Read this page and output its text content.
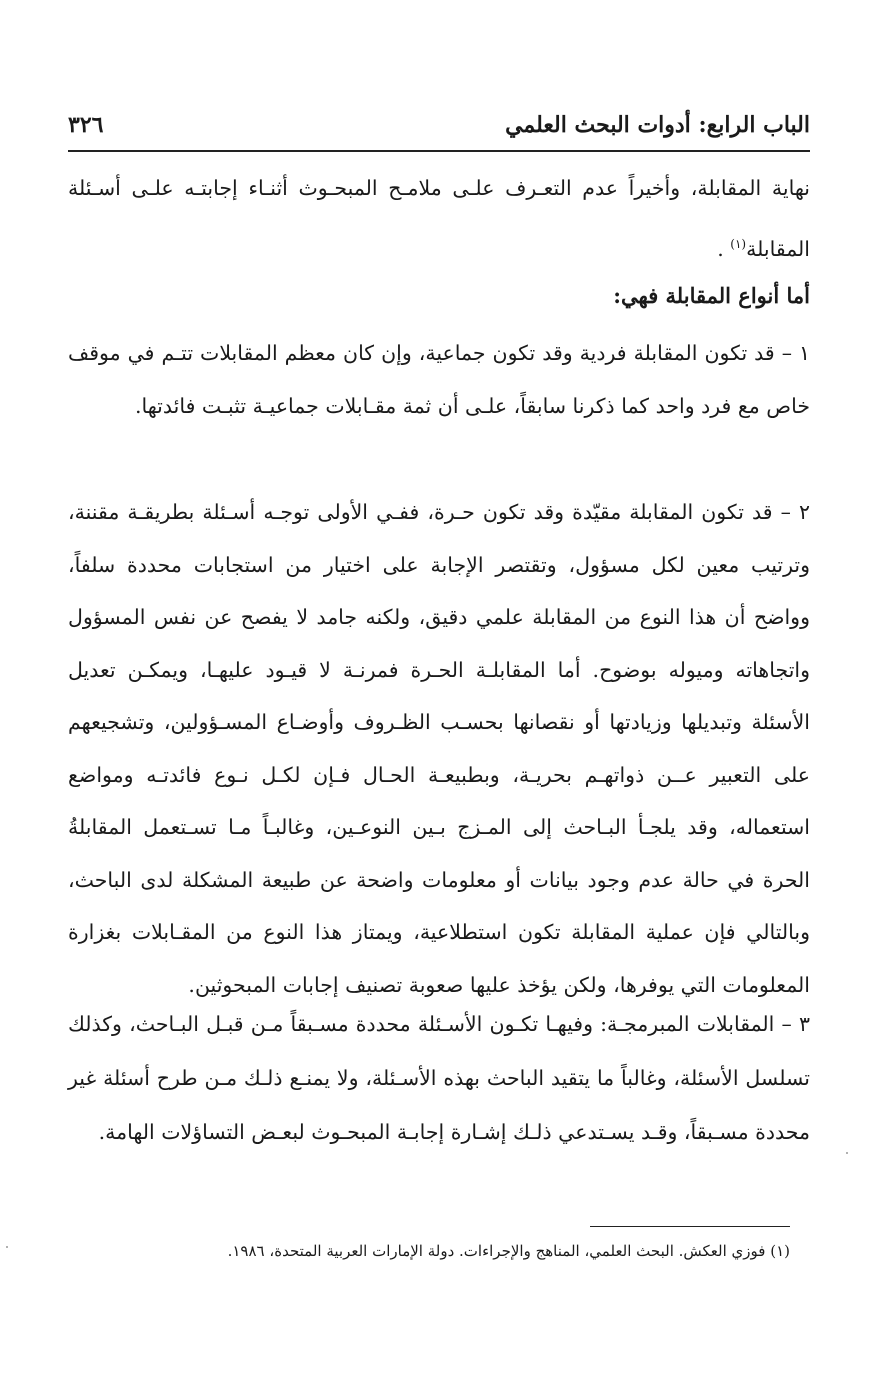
الباب الرابع: أدوات البحث العلمي
٣٢٦
نهاية المقابلة، وأخيراً عدم التعـرف علـى ملامـح المبحـوث أثنـاء إجابتـه علـى أسـئلة المقابلة$^{(١)}$ .
أما أنواع المقابلة فهي:
١ – قد تكون المقابلة فردية وقد تكون جماعية، وإن كان معظم المقابلات تتـم في موقف خاص مع فرد واحد كما ذكرنا سابقاً، علـى أن ثمة مقـابلات جماعيـة تثبـت فائدتها.
٢ – قد تكون المقابلة مقيّدة وقد تكون حـرة، ففـي الأولى توجـه أسـئلة بطريقـة مقننة، وترتيب معين لكل مسؤول، وتقتصر الإجابة على اختيار من استجابات محددة سلفاً، وواضح أن هذا النوع من المقابلة علمي دقيق، ولكنه جامد لا يفصح عن نفس المسؤول واتجاهاته وميوله بوضوح. أما المقابلـة الحـرة فمرنـة لا قيـود عليهـا، ويمكـن تعديل الأسئلة وتبديلها وزيادتها أو نقصانها بحسـب الظـروف وأوضـاع المسـؤولين، وتشجيعهم على التعبير عــن ذواتهـم بحريـة، وبطبيعـة الحـال فـإن لكـل نـوع فائدتـه ومواضع استعماله، وقد يلجـأ البـاحث إلى المـزج بـين النوعـين، وغالبـاً مـا تسـتعمل المقابلةُ الحرة في حالة عدم وجود بيانات أو معلومات واضحة عن طبيعة المشكلة لدى الباحث، وبالتالي فإن عملية المقابلة تكون استطلاعية، ويمتاز هذا النوع من المقـابلات بغزارة المعلومات التي يوفرها، ولكن يؤخذ عليها صعوبة تصنيف إجابات المبحوثين.
٣ – المقابلات المبرمجـة: وفيهـا تكـون الأسـئلة محددة مسـبقاً مـن قبـل البـاحث، وكذلك تسلسل الأسئلة، وغالباً ما يتقيد الباحث بهذه الأسـئلة، ولا يمنـع ذلـك مـن طرح أسئلة غير محددة مسـبقاً، وقـد يسـتدعي ذلـك إشـارة إجابـة المبحـوث لبعـض التساؤلات الهامة.
(١) فوزي العكش. البحث العلمي، المناهج والإجراءات. دولة الإمارات العربية المتحدة، ١٩٨٦.
